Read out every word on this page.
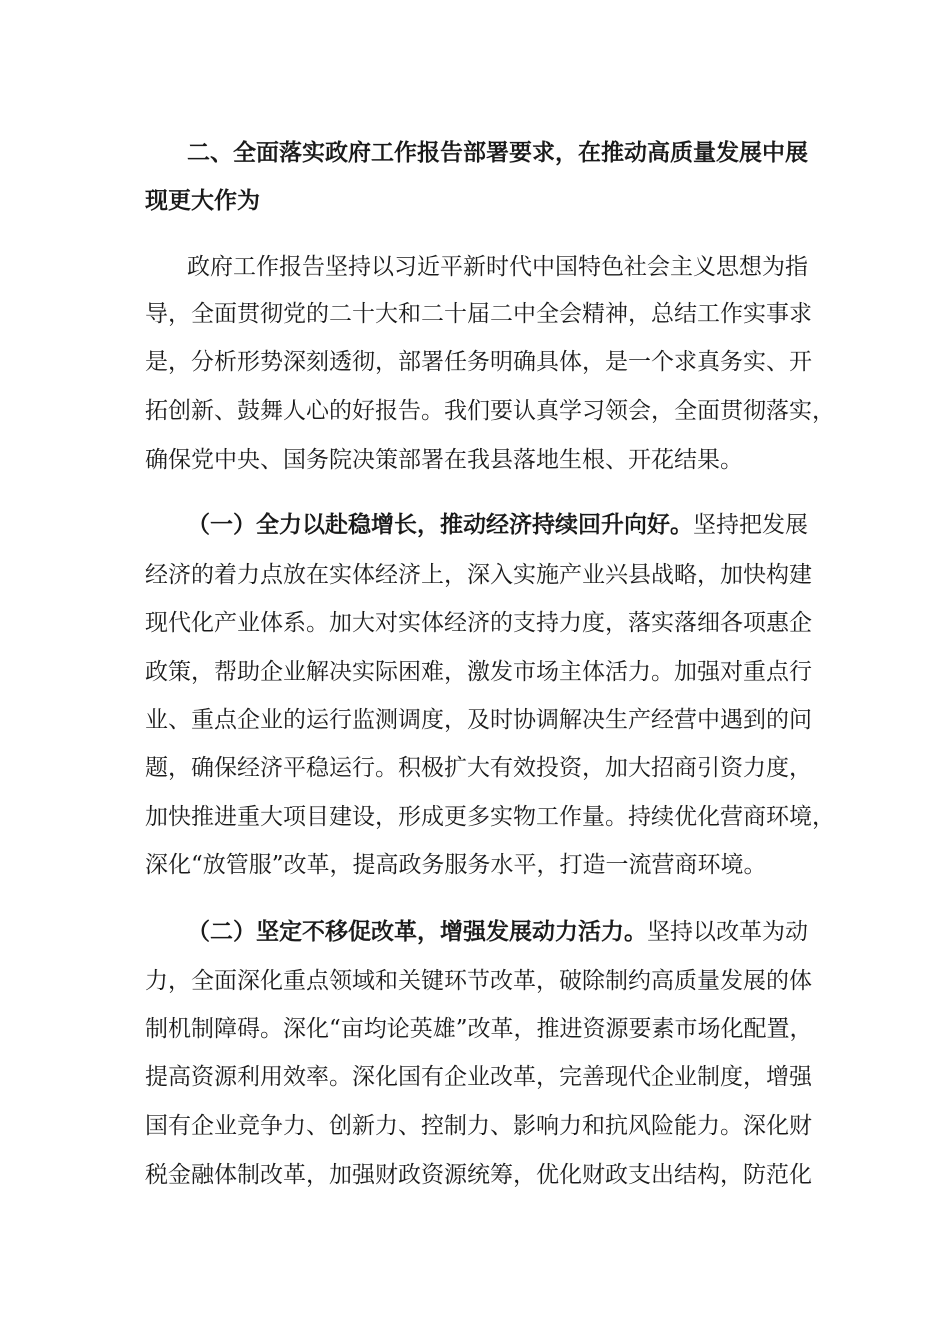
二、全面落实政府工作报告部署要求，在推动高质量发展中展
现更大作为
政府工作报告坚持以习近平新时代中国特色社会主义思想为指
导，全面贯彻党的二十大和二十届二中全会精神，总结工作实事求
是，分析形势深刻透彻，部署任务明确具体，是一个求真务实、开
拓创新、鼓舞人心的好报告。我们要认真学习领会，全面贯彻落实，
确保党中央、国务院决策部署在我县落地生根、开花结果。
（一）全力以赴稳增长，推动经济持续回升向好。坚持把发展
经济的着力点放在实体经济上，深入实施产业兴县战略，加快构建
现代化产业体系。加大对实体经济的支持力度，落实落细各项惠企
政策，帮助企业解决实际困难，激发市场主体活力。加强对重点行
业、重点企业的运行监测调度，及时协调解决生产经营中遇到的问
题，确保经济平稳运行。积极扩大有效投资，加大招商引资力度，
加快推进重大项目建设，形成更多实物工作量。持续优化营商环境，
深化“放管服”改革，提高政务服务水平，打造一流营商环境。
（二）坚定不移促改革，增强发展动力活力。坚持以改革为动
力，全面深化重点领域和关键环节改革，破除制约高质量发展的体
制机制障碍。深化“亩均论英雄”改革，推进资源要素市场化配置，
提高资源利用效率。深化国有企业改革，完善现代企业制度，增强
国有企业竞争力、创新力、控制力、影响力和抗风险能力。深化财
税金融体制改革，加强财政资源统筹，优化财政支出结构，防范化
